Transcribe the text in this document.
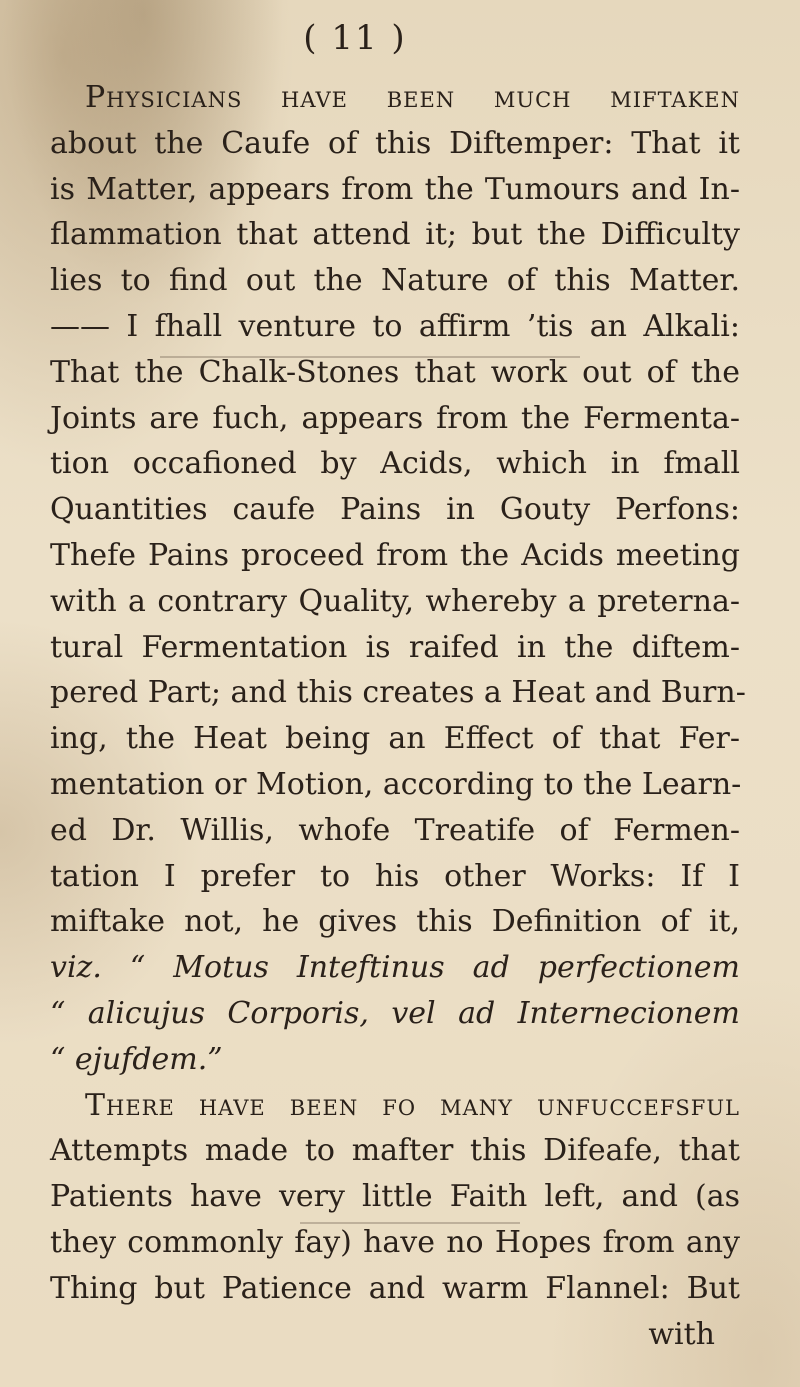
( 11 )
Physicians have been much miftaken
about the Caufe of this Diftemper: That it
is Matter, appears from the Tumours and In-
flammation that attend it; but the Difficulty
lies to find out the Nature of this Matter.
—— I fhall venture to affirm ’tis an Alkali:
That the Chalk-Stones that work out of the
Joints are fuch, appears from the Fermenta-
tion occafioned by Acids, which in fmall
Quantities caufe Pains in Gouty Perfons:
Thefe Pains proceed from the Acids meeting
with a contrary Quality, whereby a preterna-
tural Fermentation is raifed in the diftem-
pered Part; and this creates a Heat and Burn-
ing, the Heat being an Effect of that Fer-
mentation or Motion, according to the Learn-
ed Dr. Willis, whofe Treatife of Fermen-
tation I prefer to his other Works: If I
miftake not, he gives this Definition of it,
viz. “ Motus Inteftinus ad perfectionem
“ alicujus Corporis, vel ad Internecionem
“ ejufdem.”
There have been fo many unfuccefsful
Attempts made to mafter this Difeafe, that
Patients have very little Faith left, and (as
they commonly fay) have no Hopes from any
Thing but Patience and warm Flannel: But
with
